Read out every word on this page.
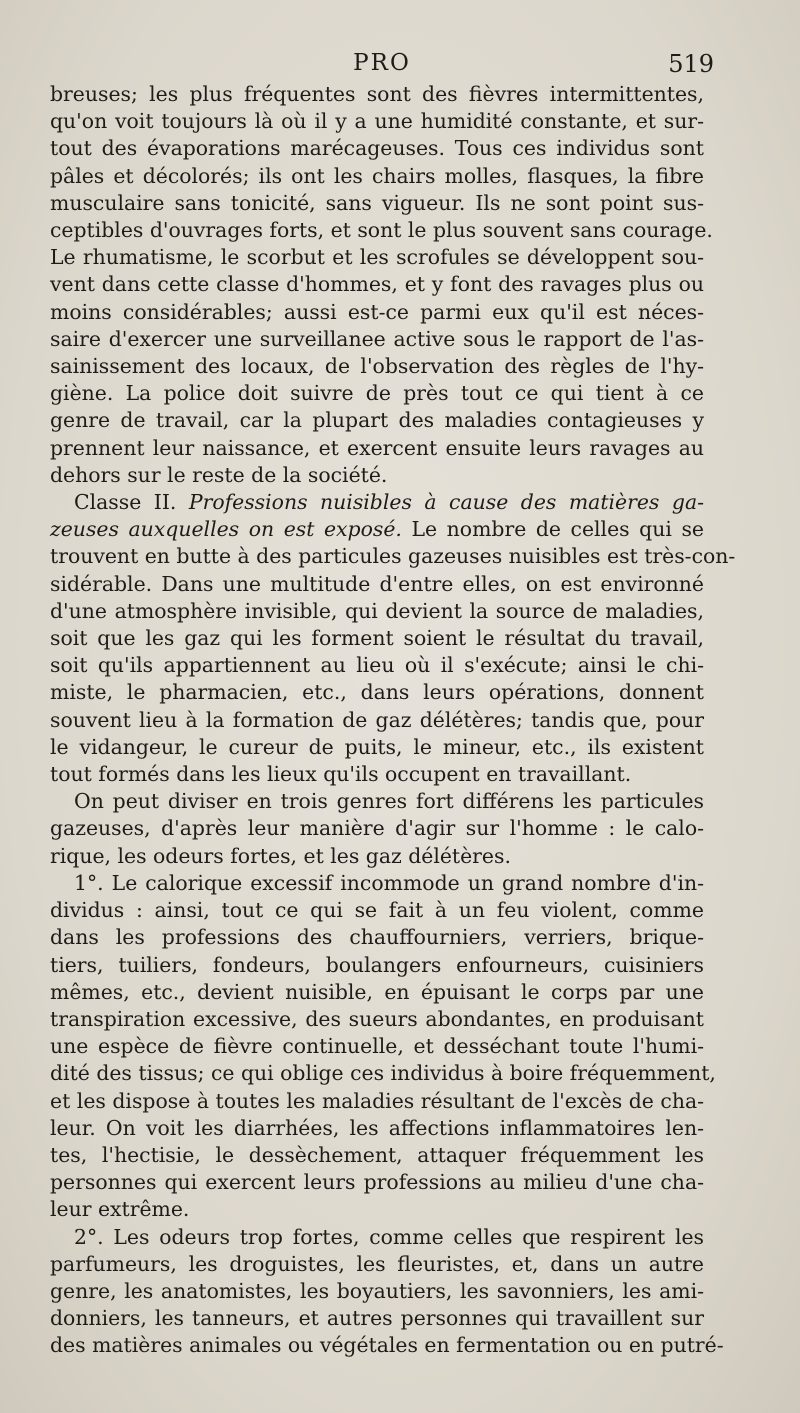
PRO	519
breuses; les plus fréquentes sont des fièvres intermittentes,
qu'on voit toujours là où il y a une humidité constante, et sur-
tout des évaporations marécageuses. Tous ces individus sont
pâles et décolorés; ils ont les chairs molles, flasques, la fibre
musculaire sans tonicité, sans vigueur. Ils ne sont point sus-
ceptibles d'ouvrages forts, et sont le plus souvent sans courage.
Le rhumatisme, le scorbut et les scrofules se développent sou-
vent dans cette classe d'hommes, et y font des ravages plus ou
moins considérables; aussi est-ce parmi eux qu'il est néces-
saire d'exercer une surveillanee active sous le rapport de l'as-
sainissement des locaux, de l'observation des règles de l'hy-
giène. La police doit suivre de près tout ce qui tient à ce
genre de travail, car la plupart des maladies contagieuses y
prennent leur naissance, et exercent ensuite leurs ravages au
dehors sur le reste de la société.
Classe II. Professions nuisibles à cause des matières ga-
zeuses auxquelles on est exposé. Le nombre de celles qui se
trouvent en butte à des particules gazeuses nuisibles est très-con-
sidérable. Dans une multitude d'entre elles, on est environné
d'une atmosphère invisible, qui devient la source de maladies,
soit que les gaz qui les forment soient le résultat du travail,
soit qu'ils appartiennent au lieu où il s'exécute; ainsi le chi-
miste, le pharmacien, etc., dans leurs opérations, donnent
souvent lieu à la formation de gaz délétères; tandis que, pour
le vidangeur, le cureur de puits, le mineur, etc., ils existent
tout formés dans les lieux qu'ils occupent en travaillant.
On peut diviser en trois genres fort différens les particules
gazeuses, d'après leur manière d'agir sur l'homme : le calo-
rique, les odeurs fortes, et les gaz délétères.
1°. Le calorique excessif incommode un grand nombre d'in-
dividus : ainsi, tout ce qui se fait à un feu violent, comme
dans les professions des chauffourniers, verriers, brique-
tiers, tuiliers, fondeurs, boulangers enfourneurs, cuisiniers
mêmes, etc., devient nuisible, en épuisant le corps par une
transpiration excessive, des sueurs abondantes, en produisant
une espèce de fièvre continuelle, et desséchant toute l'humi-
dité des tissus; ce qui oblige ces individus à boire fréquemment,
et les dispose à toutes les maladies résultant de l'excès de cha-
leur. On voit les diarrhées, les affections inflammatoires len-
tes, l'hectisie, le dessèchement, attaquer fréquemment les
personnes qui exercent leurs professions au milieu d'une cha-
leur extrême.
2°. Les odeurs trop fortes, comme celles que respirent les
parfumeurs, les droguistes, les fleuristes, et, dans un autre
genre, les anatomistes, les boyautiers, les savonniers, les ami-
donniers, les tanneurs, et autres personnes qui travaillent sur
des matières animales ou végétales en fermentation ou en putré-
